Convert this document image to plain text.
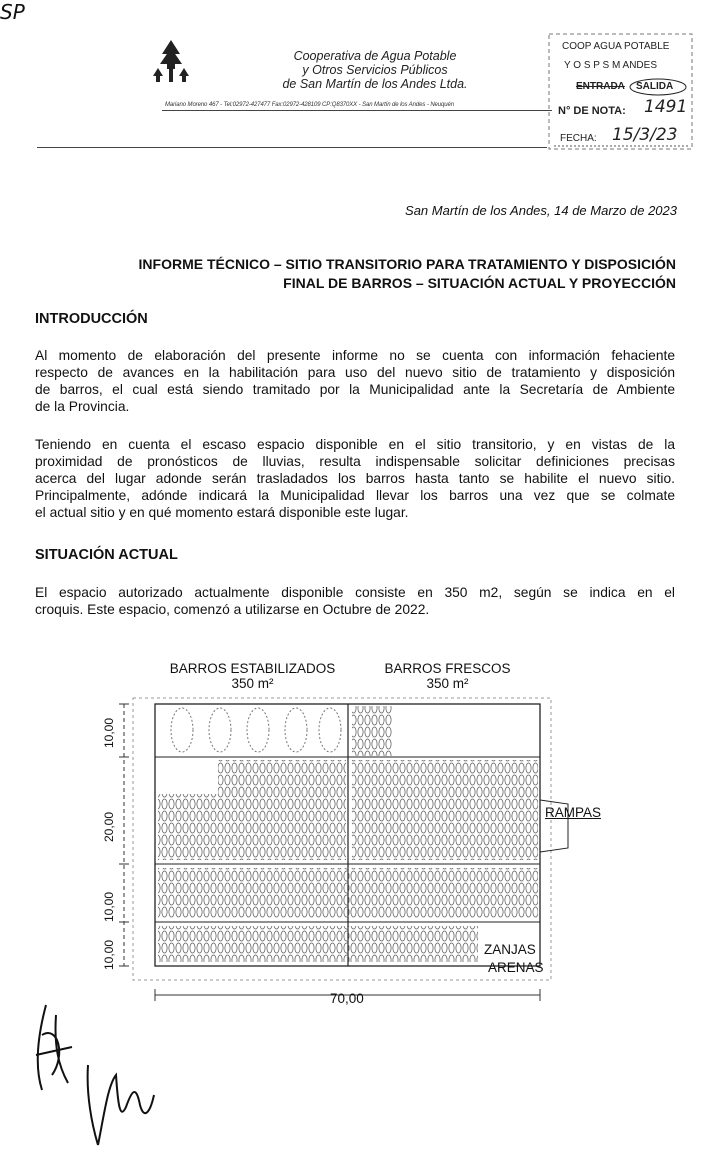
SP
Cooperativa de Agua Potable
y Otros Servicios Públicos
de San Martín de los Andes Ltda.
Mariano Moreno 467 - Tel:02972-427477 Fax:02972-428109 CP:Q8370XX - San Martín de los Andes - Neuquén
COOP AGUA POTABLE
Y O S P S M ANDES
ENTRADA SALIDA
N° DE NOTA: 1491
FECHA: 15/3/23
San Martín de los Andes, 14 de Marzo de 2023
INFORME TÉCNICO – SITIO TRANSITORIO PARA TRATAMIENTO Y DISPOSICIÓN
FINAL DE BARROS – SITUACIÓN ACTUAL Y PROYECCIÓN
INTRODUCCIÓN
Al momento de elaboración del presente informe no se cuenta con información fehaciente
respecto de avances en la habilitación para uso del nuevo sitio de tratamiento y disposición
de barros, el cual está siendo tramitado por la Municipalidad ante la Secretaría de Ambiente
de la Provincia.
Teniendo en cuenta el escaso espacio disponible en el sitio transitorio, y en vistas de la
proximidad de pronósticos de lluvias, resulta indispensable solicitar definiciones precisas
acerca del lugar adonde serán trasladados los barros hasta tanto se habilite el nuevo sitio.
Principalmente, adónde indicará la Municipalidad llevar los barros una vez que se colmate
el actual sitio y en qué momento estará disponible este lugar.
SITUACIÓN ACTUAL
El espacio autorizado actualmente disponible consiste en 350 m2, según se indica en el
croquis. Este espacio, comenzó a utilizarse en Octubre de 2022.
BARROS ESTABILIZADOS
350 m²
BARROS FRESCOS
350 m²
RAMPAS
ZANJAS
ARENAS
70,00
10,00
20,00
10,00
10,00
